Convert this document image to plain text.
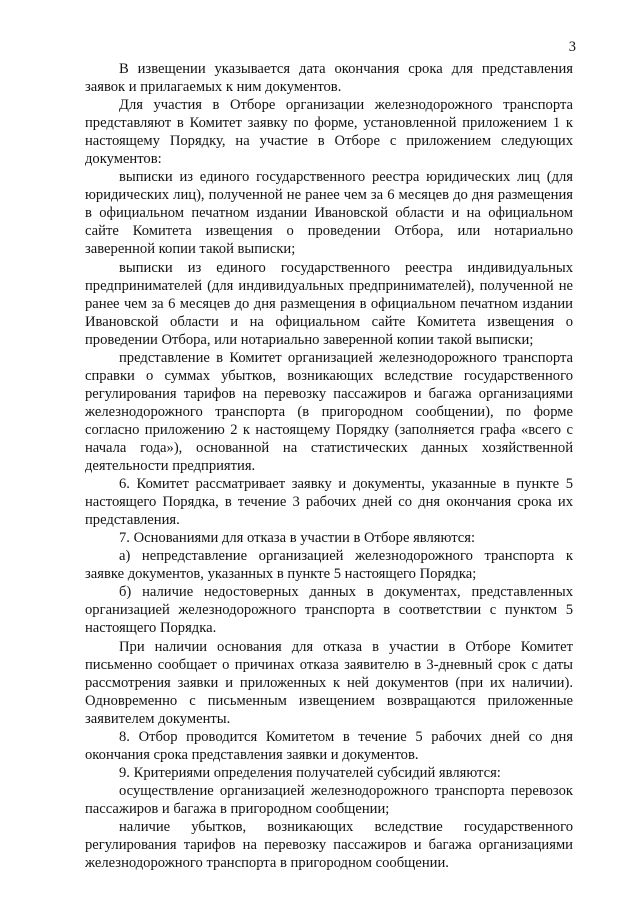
3

В извещении указывается дата окончания срока для представления заявок и прилагаемых к ним документов.

Для участия в Отборе организации железнодорожного транспорта представляют в Комитет заявку по форме, установленной приложением 1 к настоящему Порядку, на участие в Отборе с приложением следующих документов:

выписки из единого государственного реестра юридических лиц (для юридических лиц), полученной не ранее чем за 6 месяцев до дня размещения в официальном печатном издании Ивановской области и на официальном сайте Комитета извещения о проведении Отбора, или нотариально заверенной копии такой выписки;

выписки из единого государственного реестра индивидуальных предпринимателей (для индивидуальных предпринимателей), полученной не ранее чем за 6 месяцев до дня размещения в официальном печатном издании Ивановской области и на официальном сайте Комитета извещения о проведении Отбора, или нотариально заверенной копии такой выписки;

представление в Комитет организацией железнодорожного транспорта справки о суммах убытков, возникающих вследствие государственного регулирования тарифов на перевозку пассажиров и багажа организациями железнодорожного транспорта (в пригородном сообщении), по форме согласно приложению 2 к настоящему Порядку (заполняется графа «всего с начала года»), основанной на статистических данных хозяйственной деятельности предприятия.

6. Комитет рассматривает заявку и документы, указанные в пункте 5 настоящего Порядка, в течение 3 рабочих дней со дня окончания срока их представления.

7. Основаниями для отказа в участии в Отборе являются:

а) непредставление организацией железнодорожного транспорта к заявке документов, указанных в пункте 5 настоящего Порядка;

б) наличие недостоверных данных в документах, представленных организацией железнодорожного транспорта в соответствии с пунктом 5 настоящего Порядка.

При наличии основания для отказа в участии в Отборе Комитет письменно сообщает о причинах отказа заявителю в 3-дневный срок с даты рассмотрения заявки и приложенных к ней документов (при их наличии). Одновременно с письменным извещением возвращаются приложенные заявителем документы.

8. Отбор проводится Комитетом в течение 5 рабочих дней со дня окончания срока представления заявки и документов.

9. Критериями определения получателей субсидий являются:

осуществление организацией железнодорожного транспорта перевозок пассажиров и багажа в пригородном сообщении;

наличие убытков, возникающих вследствие государственного регулирования тарифов на перевозку пассажиров и багажа организациями железнодорожного транспорта в пригородном сообщении.
